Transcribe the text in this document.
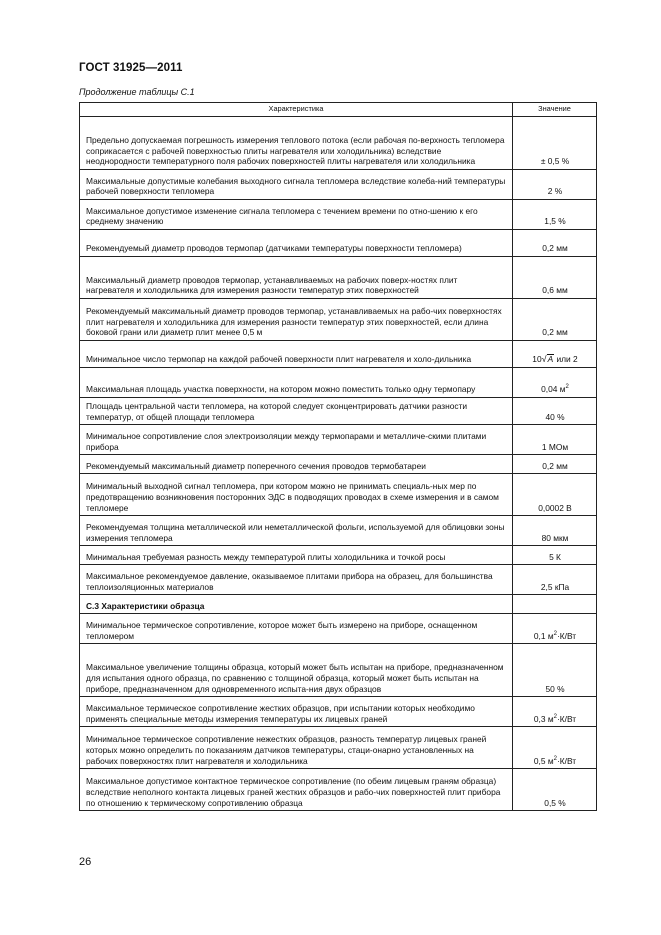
ГОСТ 31925—2011
Продолжение таблицы С.1
Характеристика	Значение
Предельно допускаемая погрешность измерения теплового потока (если рабочая по-верхность тепломера соприкасается с рабочей поверхностью плиты нагревателя или холодильника) вследствие неоднородности температурного поля рабочих поверхностей плиты нагревателя или холодильника	± 0,5 %
Максимальные допустимые колебания выходного сигнала тепломера вследствие колеба-ний температуры рабочей поверхности тепломера	2 %
Максимальное допустимое изменение сигнала тепломера с течением времени по отно-шению к его среднему значению	1,5 %
Рекомендуемый диаметр проводов термопар (датчиками температуры поверхности тепломера)	0,2 мм
Максимальный диаметр проводов термопар, устанавливаемых на рабочих поверх-ностях плит нагревателя и холодильника для измерения разности температур этих поверхностей	0,6 мм
Рекомендуемый максимальный диаметр проводов термопар, устанавливаемых на рабо-чих поверхностях плит нагревателя и холодильника для измерения разности температур этих поверхностей, если длина боковой грани или диаметр плит менее 0,5 м	0,2 мм
Минимальное число термопар на каждой рабочей поверхности плит нагревателя и холо-дильника	10√A или 2
Максимальная площадь участка поверхности, на котором можно поместить только одну термопару	0,04 $м^2$
Площадь центральной части тепломера, на которой следует сконцентрировать датчики разности температур, от общей площади тепломера	40 %
Минимальное сопротивление слоя электроизоляции между термопарами и металличе-скими плитами прибора	1 МОм
Рекомендуемый максимальный диаметр поперечного сечения проводов термобатареи	0,2 мм
Минимальный выходной сигнал тепломера, при котором можно не принимать специаль-ных мер по предотвращению возникновения посторонних ЭДС в подводящих проводах в схеме измерения и в самом тепломере	0,0002 В
Рекомендуемая толщина металлической или неметаллической фольги, используемой для облицовки зоны измерения тепломера	80 мкм
Минимальная требуемая разность между температурой плиты холодильника и точкой росы	5 К
Максимальное рекомендуемое давление, оказываемое плитами прибора на образец, для большинства теплоизоляционных материалов	2,5 кПа
С.3 Характеристики образца	
Минимальное термическое сопротивление, которое может быть измерено на приборе, оснащенном тепломером	0,1 $м^2\cdot К/Вт$
Максимальное увеличение толщины образца, который может быть испытан на приборе, предназначенном для испытания одного образца, по сравнению с толщиной образца, который может быть испытан на приборе, предназначенном для одновременного испыта-ния двух образцов	50 %
Максимальное термическое сопротивление жестких образцов, при испытании которых необходимо применять специальные методы измерения температуры их лицевых граней	0,3 $м^2\cdot К/Вт$
Минимальное термическое сопротивление нежестких образцов, разность температур лицевых граней которых можно определить по показаниям датчиков температуры, стаци-онарно установленных на рабочих поверхностях плит нагревателя и холодильника	0,5 $м^2\cdot К/Вт$
Максимальное допустимое контактное термическое сопротивление (по обеим лицевым граням образца) вследствие неполного контакта лицевых граней жестких образцов и рабо-чих поверхностей плит прибора по отношению к термическому сопротивлению образца	0,5 %
26
